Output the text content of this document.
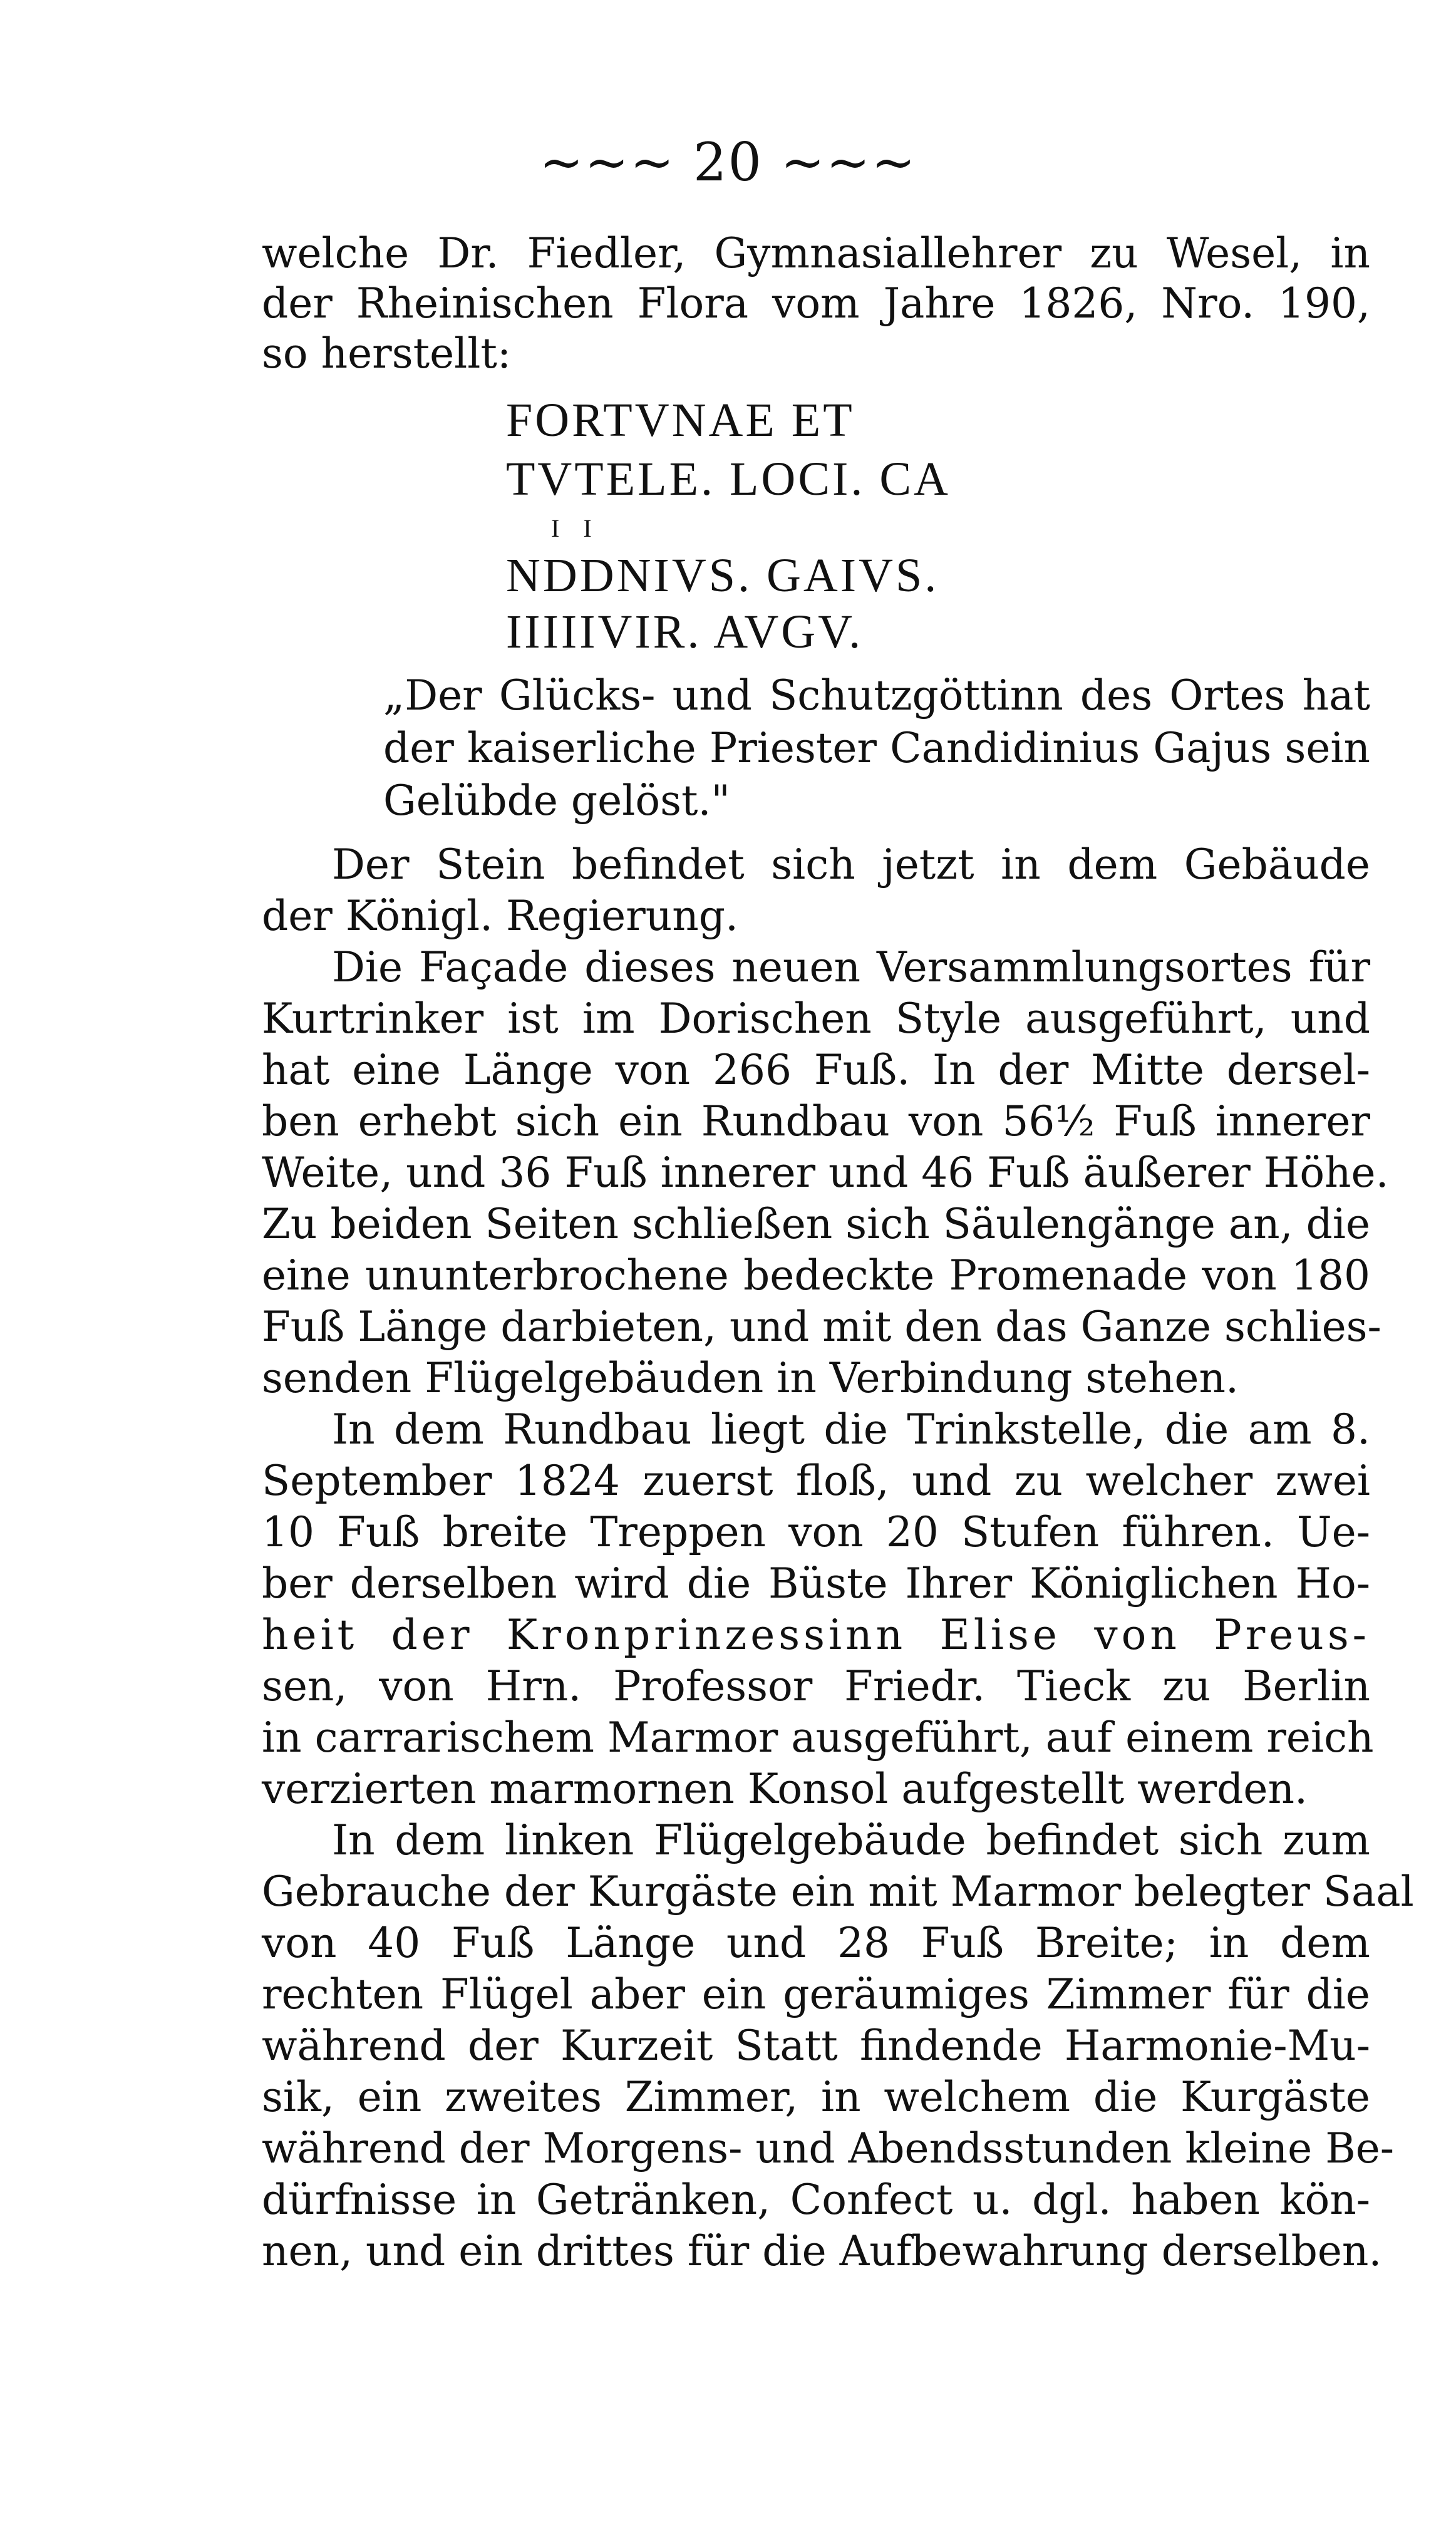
~~~ 20 ~~~
welche Dr. Fiedler, Gymnasiallehrer zu Wesel, in
der Rheinischen Flora vom Jahre 1826, Nro. 190,
so herstellt:
FORTVNAE ET
TVTELE. LOCI. CA
I I
NDDNIVS. GAIVS.
IIIIIVIR. AVGV.
„Der Glücks- und Schutzgöttinn des Ortes hat
der kaiserliche Priester Candidinius Gajus sein
Gelübde gelöst."
Der Stein befindet sich jetzt in dem Gebäude
der Königl. Regierung.
Die Façade dieses neuen Versammlungsortes für
Kurtrinker ist im Dorischen Style ausgeführt, und
hat eine Länge von 266 Fuß. In der Mitte dersel-
ben erhebt sich ein Rundbau von 56½ Fuß innerer
Weite, und 36 Fuß innerer und 46 Fuß äußerer Höhe.
Zu beiden Seiten schließen sich Säulengänge an, die
eine ununterbrochene bedeckte Promenade von 180
Fuß Länge darbieten, und mit den das Ganze schlies-
senden Flügelgebäuden in Verbindung stehen.
In dem Rundbau liegt die Trinkstelle, die am 8.
September 1824 zuerst floß, und zu welcher zwei
10 Fuß breite Treppen von 20 Stufen führen. Ue-
ber derselben wird die Büste Ihrer Königlichen Ho-
heit der Kronprinzessinn Elise von Preus-
sen, von Hrn. Professor Friedr. Tieck zu Berlin
in carrarischem Marmor ausgeführt, auf einem reich
verzierten marmornen Konsol aufgestellt werden.
In dem linken Flügelgebäude befindet sich zum
Gebrauche der Kurgäste ein mit Marmor belegter Saal
von 40 Fuß Länge und 28 Fuß Breite; in dem
rechten Flügel aber ein geräumiges Zimmer für die
während der Kurzeit Statt findende Harmonie-Mu-
sik, ein zweites Zimmer, in welchem die Kurgäste
während der Morgens- und Abendsstunden kleine Be-
dürfnisse in Getränken, Confect u. dgl. haben kön-
nen, und ein drittes für die Aufbewahrung derselben.
